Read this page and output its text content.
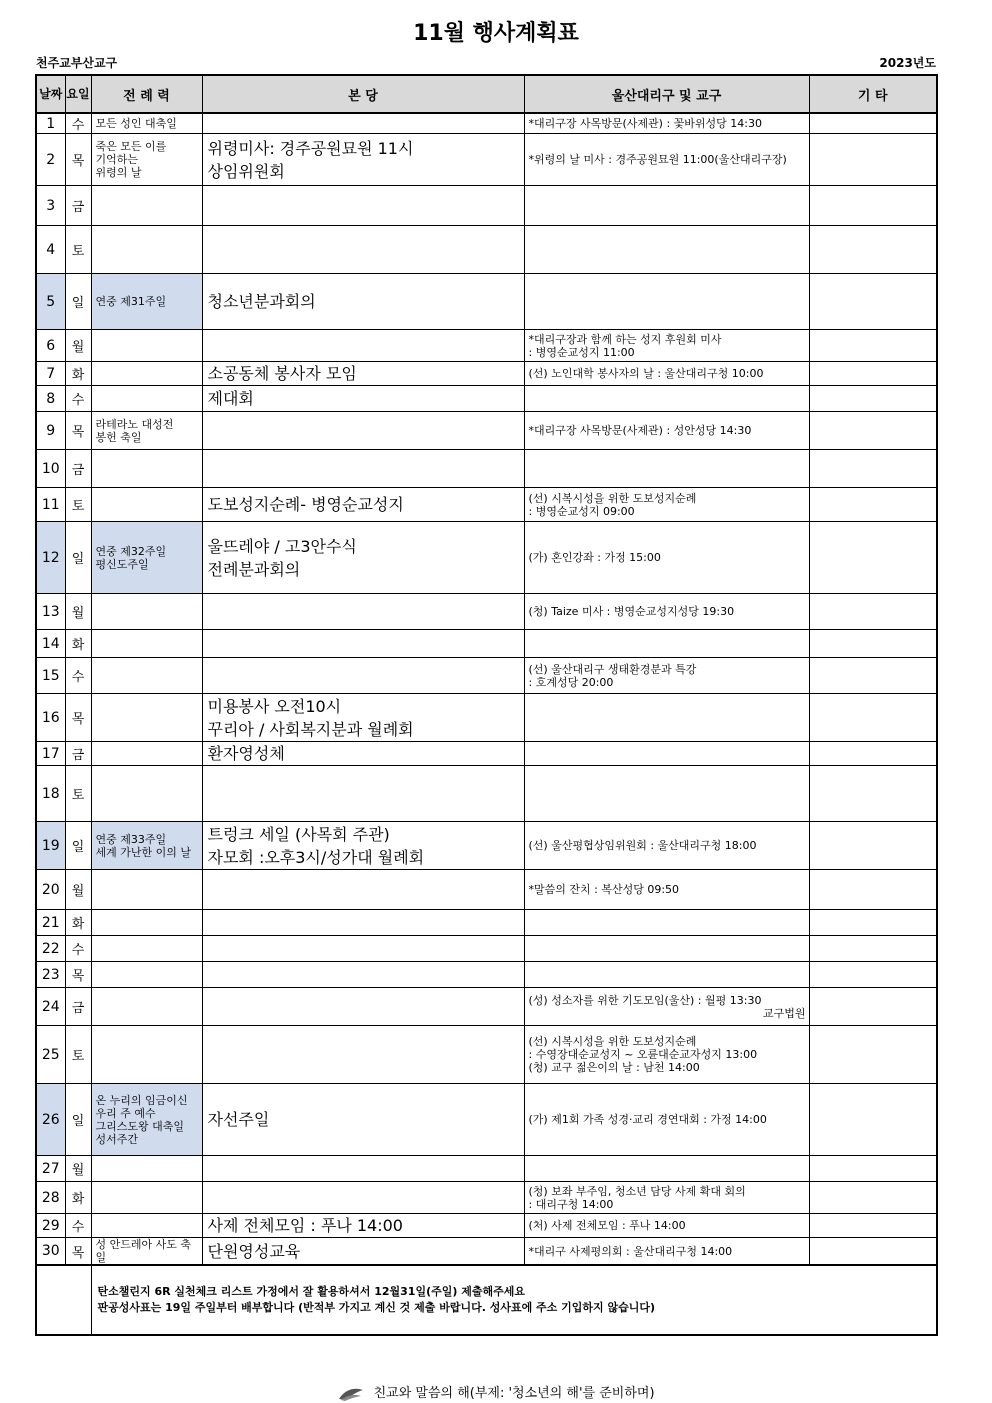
11월 행사계획표
천주교부산교구	2023년도
날짜	요일	전 례 력	본 당	울산대리구 및 교구	기 타
1	수	모든 성인 대축일		*대리구장 사목방문(사제관) : 꽃바위성당 14:30	
2	목	죽은 모든 이를
기억하는
위령의 날	위령미사: 경주공원묘원 11시
상임위원회	*위령의 날 미사 : 경주공원묘원 11:00(울산대리구장)	
3	금				
4	토				
5	일	연중 제31주일	청소년분과회의		
6	월			*대리구장과 함께 하는 성지 후원회 미사
: 병영순교성지 11:00	
7	화		소공동체 봉사자 모임	(선) 노인대학 봉사자의 날 : 울산대리구청 10:00	
8	수		제대회		
9	목	라테라노 대성전
봉헌 축일		*대리구장 사목방문(사제관) : 성안성당 14:30	
10	금				
11	토		도보성지순례- 병영순교성지	(선) 시복시성을 위한 도보성지순례
: 병영순교성지 09:00	
12	일	연중 제32주일
평신도주일	울뜨레야 / 고3안수식
전례분과회의	(가) 혼인강좌 : 가정 15:00	
13	월			(청) Taize 미사 : 병영순교성지성당 19:30	
14	화				
15	수			(선) 울산대리구 생태환경분과 특강
: 호계성당 20:00	
16	목		미용봉사 오전10시
꾸리아 / 사회복지분과 월례회		
17	금		환자영성체		
18	토				
19	일	연중 제33주일
세계 가난한 이의 날	트렁크 세일 (사목회 주관)
자모회 :오후3시/성가대 월례회	(선) 울산평협상임위원회 : 울산대리구청 18:00	
20	월			*말씀의 잔치 : 복산성당 09:50	
21	화				
22	수				
23	목				
24	금			(성) 성소자를 위한 기도모임(울산) : 월평 13:30
교구법원	

25	토			(선) 시복시성을 위한 도보성지순례
: 수영장대순교성지 ~ 오륜대순교자성지 13:00
(청) 교구 젊은이의 날 : 남천 14:00	
26	일	온 누리의 임금이신
우리 주 예수
그리스도왕 대축일
성서주간	자선주일	(가) 제1회 가족 성경·교리 경연대회 : 가정 14:00	
27	월				
28	화			(청) 보좌 부주임, 청소년 담당 사제 확대 회의
: 대리구청 14:00	
29	수		사제 전체모임 : 푸나 14:00	(처) 사제 전체모임 : 푸나 14:00	
30	목	성 안드레아 사도 축일	단원영성교육	*대리구 사제평의회 : 울산대리구청 14:00	
		탄소챌린지 6R 실천체크 리스트 가정에서 잘 활용하셔서 12월31일(주일) 제출해주세요
판공성사표는 19일 주일부터 배부합니다 (반적부 가지고 계신 것 제출 바랍니다. 성사표에 주소 기입하지 않습니다)			
친교와 말씀의 해(부제: '청소년의 해'를 준비하며)
